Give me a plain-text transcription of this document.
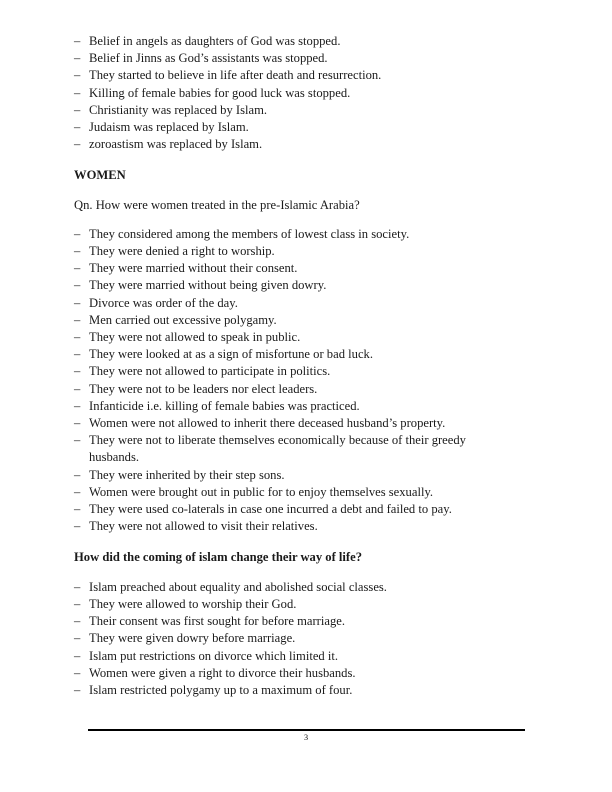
– Belief in angels as daughters of God was stopped.
– Belief in Jinns as God’s assistants was stopped.
– They started to believe in life after death and resurrection.
– Killing of female babies for good luck was stopped.
– Christianity was replaced by Islam.
– Judaism was replaced by Islam.
– zoroastism was replaced by Islam.
WOMEN

Qn. How were women treated in the pre-Islamic Arabia?

– They considered among the members of lowest class in society.
– They were denied a right to worship.
– They were married without their consent.
– They were married without being given dowry.
– Divorce was order of the day.
– Men carried out excessive polygamy.
– They were not allowed to speak in public.
– They were looked at as a sign of misfortune or bad luck.
– They were not allowed to participate in politics.
– They were not to be leaders nor elect leaders.
– Infanticide i.e. killing of female babies was practiced.
– Women were not allowed to inherit there deceased husband’s property.
– They were not to liberate themselves economically because of their greedy husbands.
– They were inherited by their step sons.
– Women were brought out in public for to enjoy themselves sexually.
– They were used co-laterals in case one incurred a debt and failed to pay.
– They were not allowed to visit their relatives.
How did the coming of islam change their way of life?
– Islam preached about equality and abolished social classes.
– They were allowed to worship their God.
– Their consent was first sought for before marriage.
– They were given dowry before marriage.
– Islam put restrictions on divorce which limited it.
– Women were given a right to divorce their husbands.
– Islam restricted polygamy up to a maximum of four.
3
